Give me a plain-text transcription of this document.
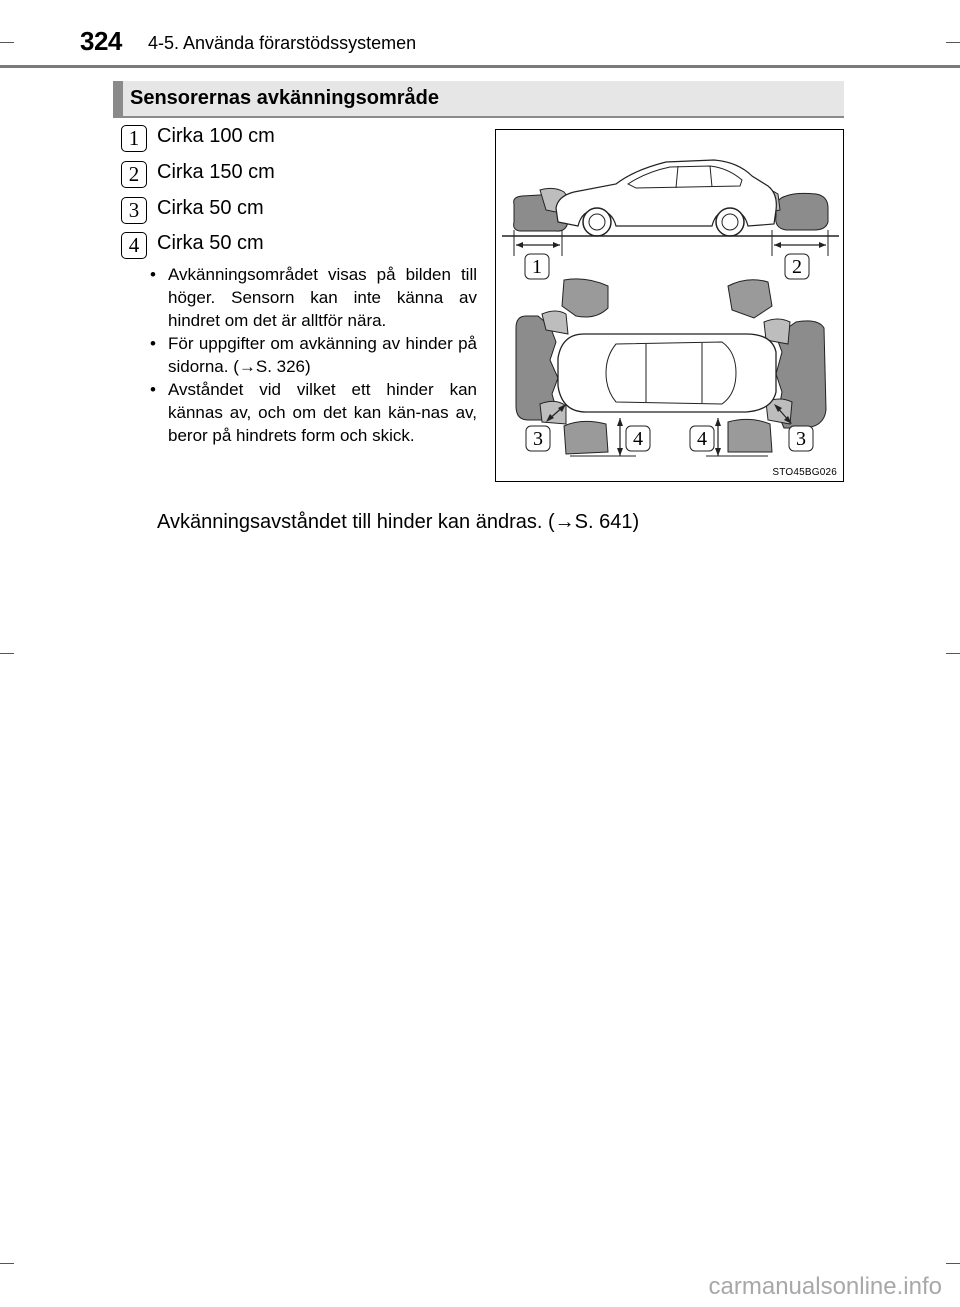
324 4-5. Använda förarstödssystemen
Sensorernas avkänningsområde
1 Cirka 100 cm
2 Cirka 150 cm
3 Cirka 50 cm
4 Cirka 50 cm
• Avkänningsområdet visas på bilden till höger. Sensorn kan inte känna av hindret om det är alltför nära.
• För uppgifter om avkänning av hinder på sidorna. (→S. 326)
• Avståndet vid vilket ett hinder kan kännas av, och om det kan kän-nas av, beror på hindrets form och skick.
Avkänningsavståndet till hinder kan ändras. (→S. 641)
1	2
3	4	4	3
STO45BG026
carmanualsonline.info
